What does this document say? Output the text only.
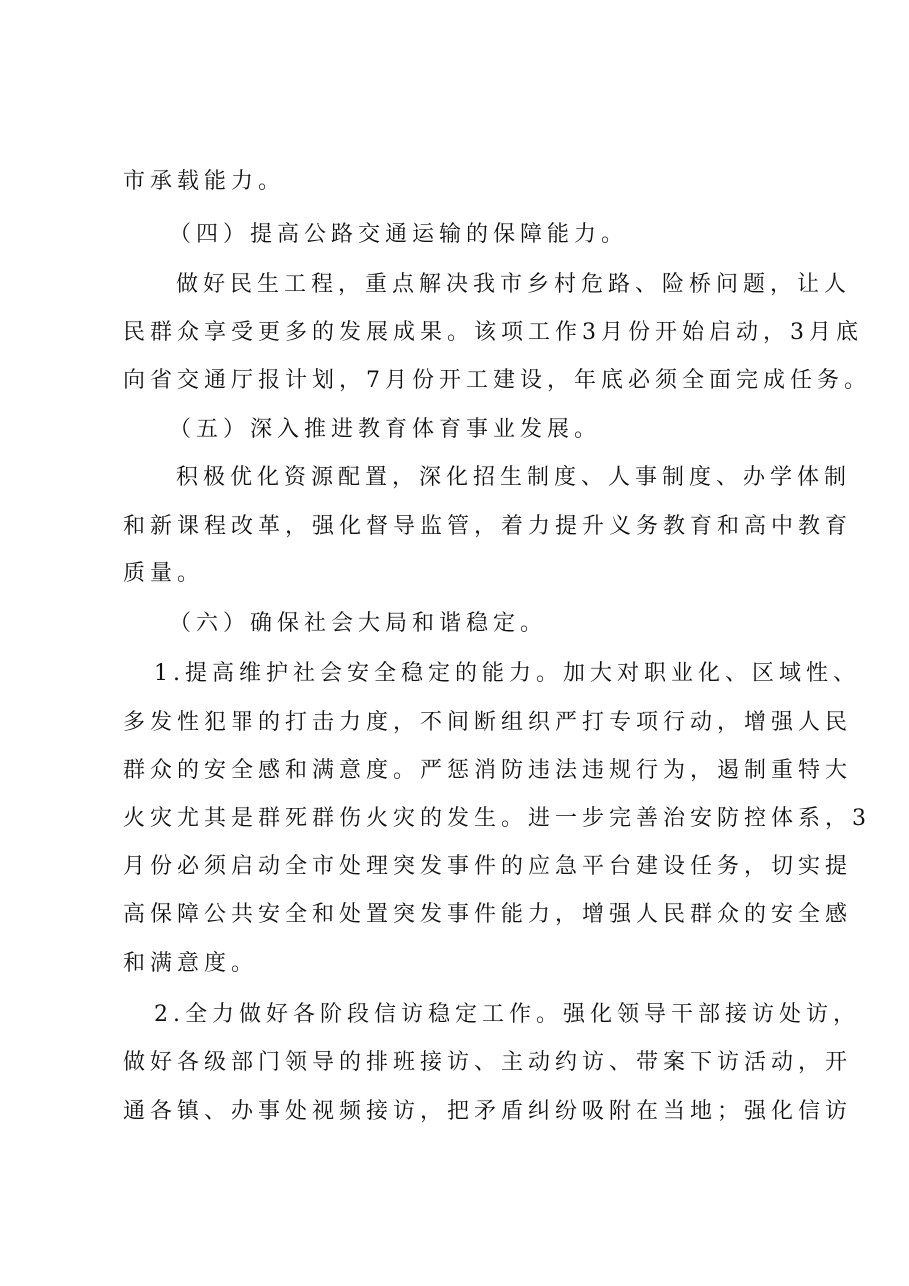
市承载能力。
（四）提高公路交通运输的保障能力。
做好民生工程，重点解决我市乡村危路、险桥问题，让人
民群众享受更多的发展成果。该项工作3月份开始启动，3月底
向省交通厅报计划，7月份开工建设，年底必须全面完成任务。
（五）深入推进教育体育事业发展。
积极优化资源配置，深化招生制度、人事制度、办学体制
和新课程改革，强化督导监管，着力提升义务教育和高中教育
质量。
（六）确保社会大局和谐稳定。
1.提高维护社会安全稳定的能力。加大对职业化、区域性、
多发性犯罪的打击力度，不间断组织严打专项行动，增强人民
群众的安全感和满意度。严惩消防违法违规行为，遏制重特大
火灾尤其是群死群伤火灾的发生。进一步完善治安防控体系，3
月份必须启动全市处理突发事件的应急平台建设任务，切实提
高保障公共安全和处置突发事件能力，增强人民群众的安全感
和满意度。
2.全力做好各阶段信访稳定工作。强化领导干部接访处访，
做好各级部门领导的排班接访、主动约访、带案下访活动，开
通各镇、办事处视频接访，把矛盾纠纷吸附在当地；强化信访
